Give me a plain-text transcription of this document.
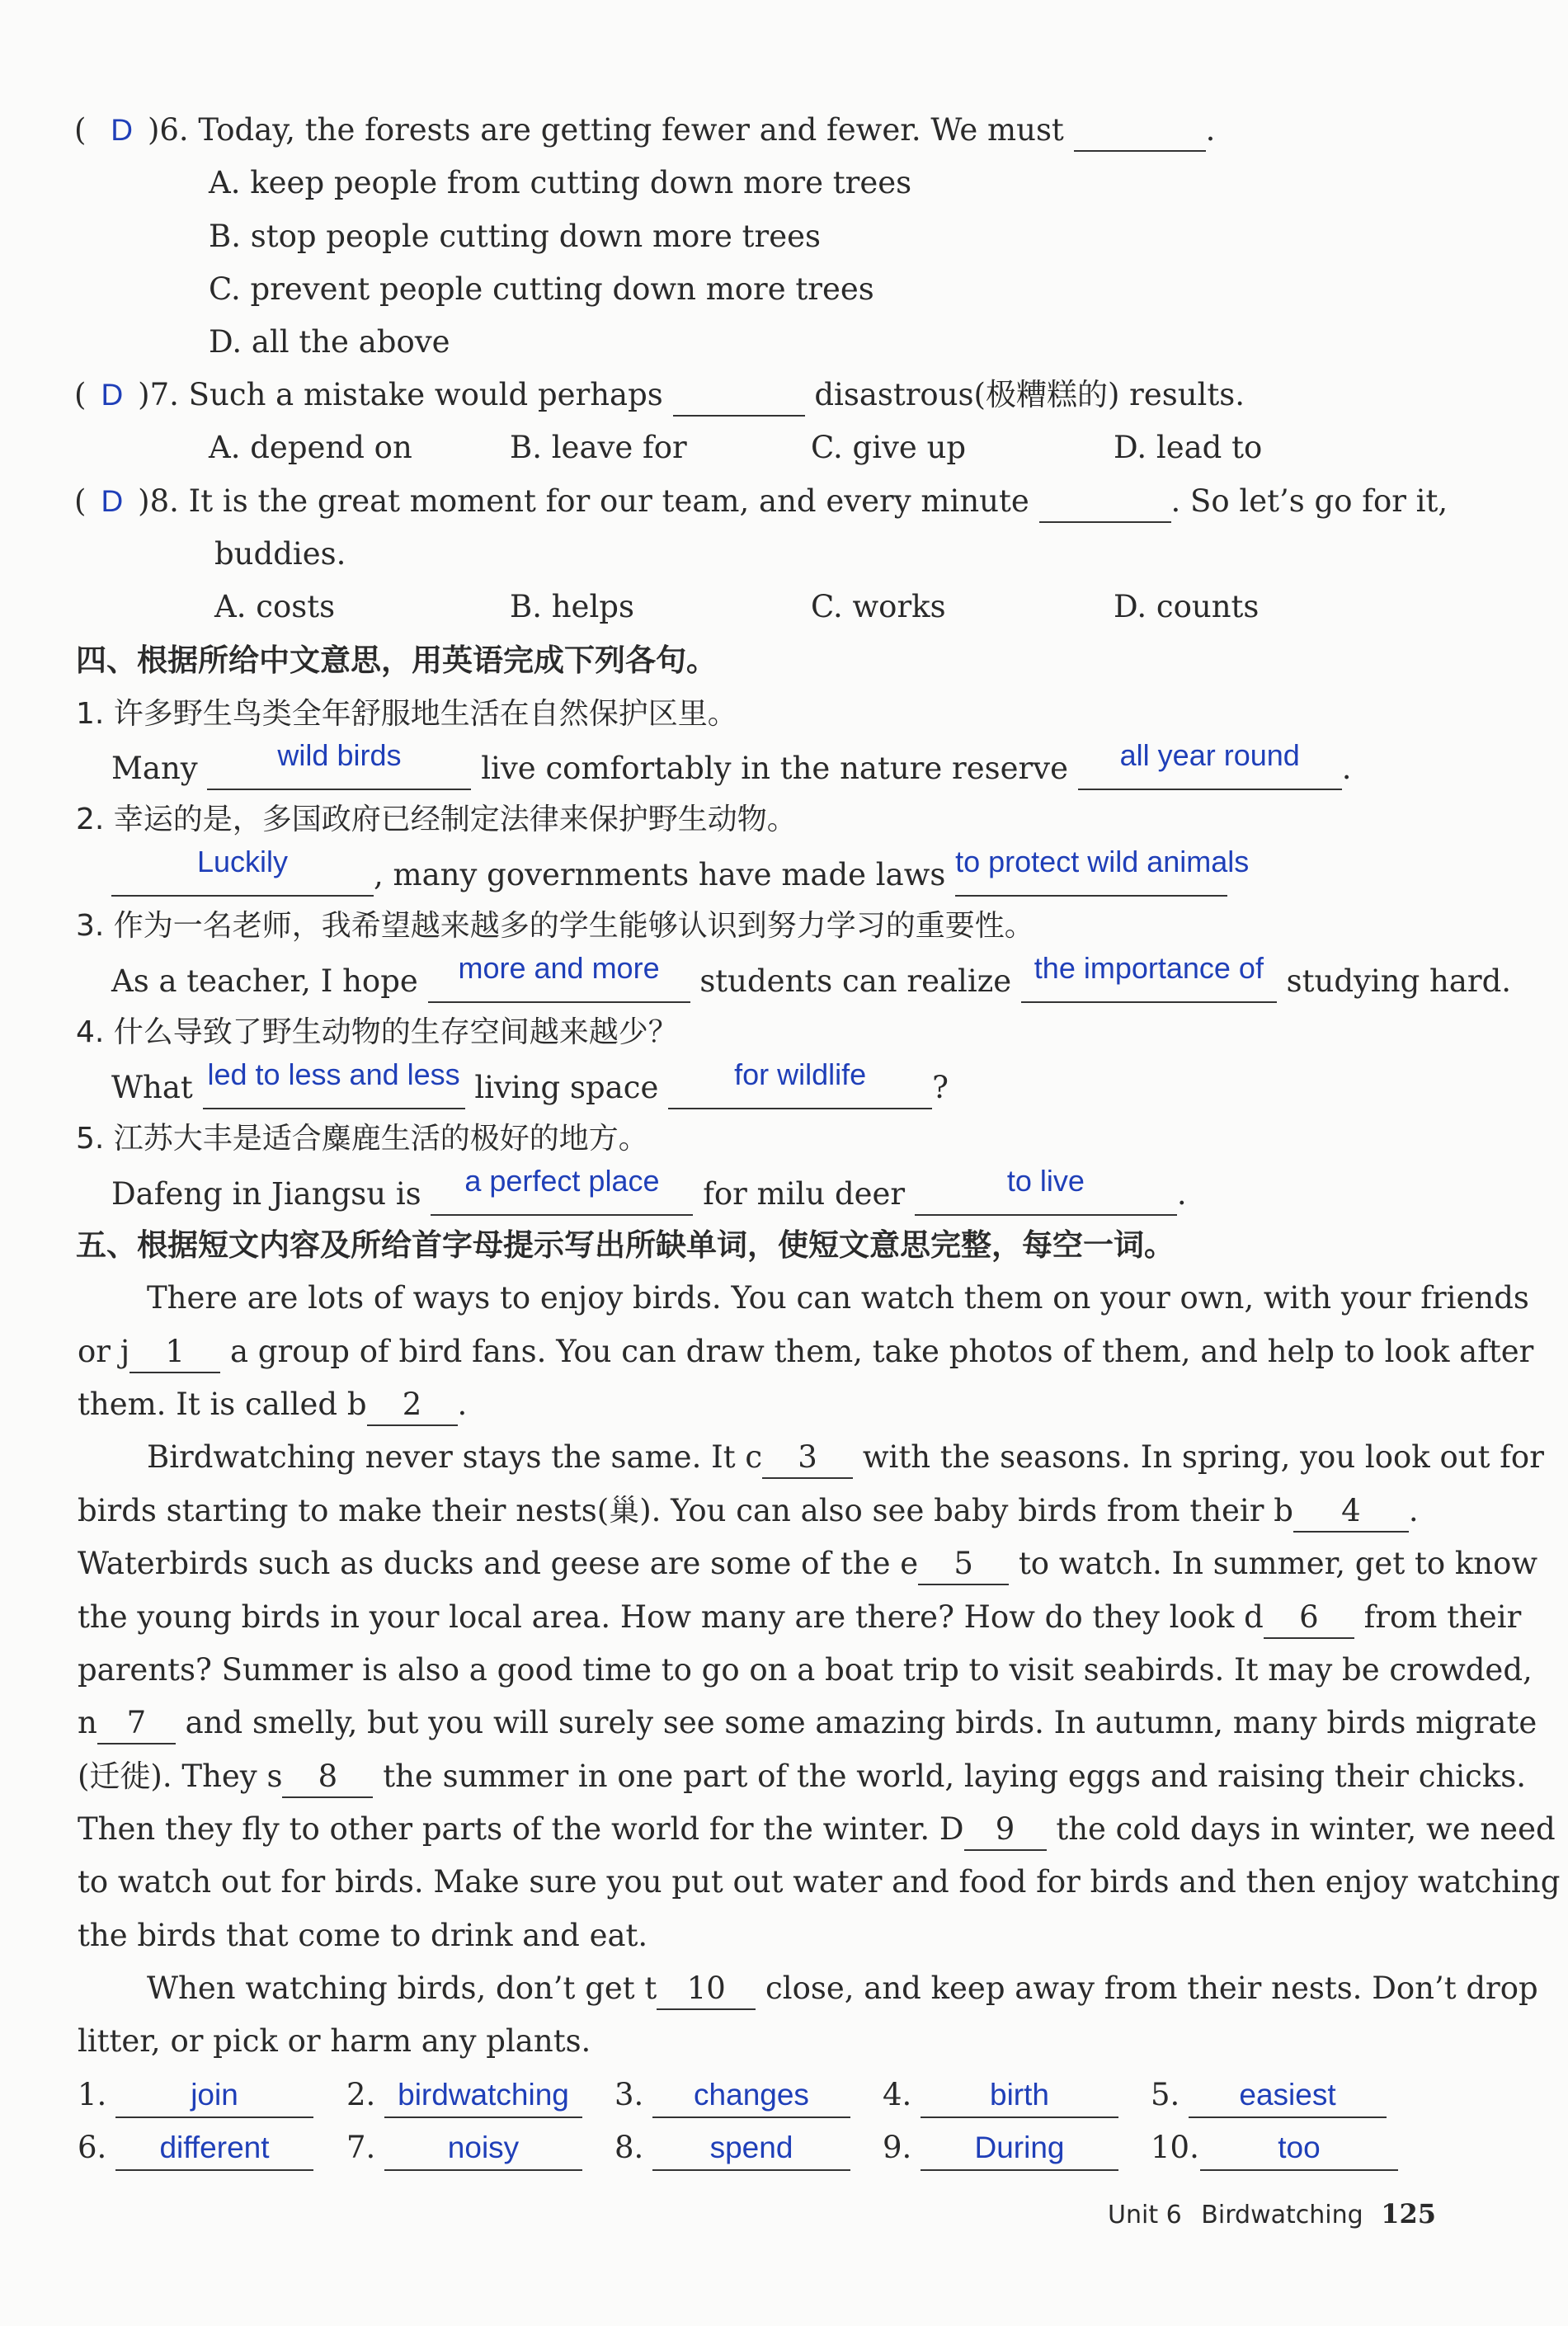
( D )6. Today, the forests are getting fewer and fewer. We must	.
A. keep people from cutting down more trees
B. stop people cutting down more trees
C. prevent people cutting down more trees
D. all the above
( D )7. Such a mistake would perhaps	disastrous(极糟糕的) results.
A. depend on	B. leave for	C. give up	D. lead to
( D )8. It is the great moment for our team, and every minute	. So let’s go for it,
buddies.
A. costs	B. helps	C. works	D. counts
四、根据所给中文意思，用英语完成下列各句。
1. 许多野生鸟类全年舒服地生活在自然保护区里。
Many	wild birds	live comfortably in the nature reserve all year round .
2. 幸运的是，多国政府已经制定法律来保护野生动物。
Luckily	, many governments have made laws to protect wild animals
3. 作为一名老师，我希望越来越多的学生能够认识到努力学习的重要性。
As a teacher, I hope more and more students can realize the importance of studying hard.
4. 什么导致了野生动物的生存空间越来越少？
What led to less and less living space	for wildlife ?
5. 江苏大丰是适合麋鹿生活的极好的地方。
Dafeng in Jiangsu is a perfect place for milu deer	to live	.
五、根据短文内容及所给首字母提示写出所缺单词，使短文意思完整，每空一词。
There are lots of ways to enjoy birds. You can watch them on your own, with your friends
or j 1 a group of bird fans. You can draw them, take photos of them, and help to look after
them. It is called b 2 .
Birdwatching never stays the same. It c 3 with the seasons. In spring, you look out for
birds starting to make their nests(巢). You can also see baby birds from their b 4 .
Waterbirds such as ducks and geese are some of the e 5 to watch. In summer, get to know
the young birds in your local area. How many are there? How do they look d 6 from their
parents? Summer is also a good time to go on a boat trip to visit seabirds. It may be crowded,
n 7 and smelly, but you will surely see some amazing birds. In autumn, many birds migrate
(迁徙). They s 8 the summer in one part of the world, laying eggs and raising their chicks.
Then they fly to other parts of the world for the winter. D 9 the cold days in winter, we need
to watch out for birds. Make sure you put out water and food for birds and then enjoy watching
the birds that come to drink and eat.
When watching birds, don’t get t 10 close, and keep away from their nests. Don’t drop
litter, or pick or harm any plants.
1.	join	2. birdwatching	3. changes	4.	birth	5. easiest
6. different	7. noisy	8. spend	9. During	10.	too
Unit 6 Birdwatching 125
